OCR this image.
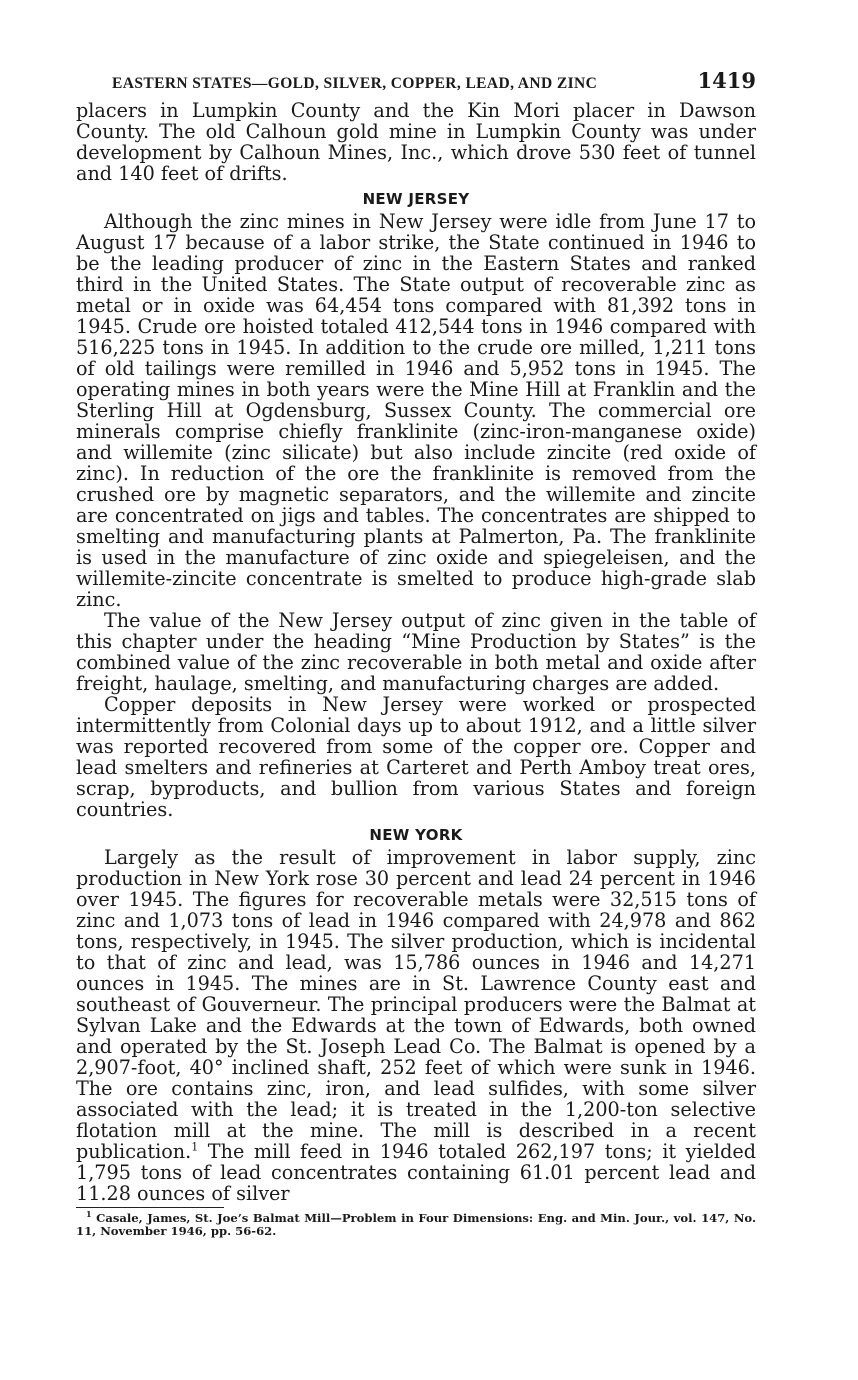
EASTERN STATES—GOLD, SILVER, COPPER, LEAD, AND ZINC	1419

placers in Lumpkin County and the Kin Mori placer in Dawson County. The old Calhoun gold mine in Lumpkin County was under development by Calhoun Mines, Inc., which drove 530 feet of tunnel and 140 feet of drifts.

NEW JERSEY

Although the zinc mines in New Jersey were idle from June 17 to August 17 because of a labor strike, the State continued in 1946 to be the leading producer of zinc in the Eastern States and ranked third in the United States. The State output of recoverable zinc as metal or in oxide was 64,454 tons compared with 81,392 tons in 1945. Crude ore hoisted totaled 412,544 tons in 1946 compared with 516,225 tons in 1945. In addition to the crude ore milled, 1,211 tons of old tailings were remilled in 1946 and 5,952 tons in 1945. The operating mines in both years were the Mine Hill at Franklin and the Sterling Hill at Ogdensburg, Sussex County. The commercial ore minerals comprise chiefly franklinite (zinc-iron-manganese oxide) and willemite (zinc silicate) but also include zincite (red oxide of zinc). In reduction of the ore the franklinite is removed from the crushed ore by magnetic separators, and the willemite and zincite are concentrated on jigs and tables. The concentrates are shipped to smelting and manufacturing plants at Palmerton, Pa. The franklinite is used in the manufacture of zinc oxide and spiegeleisen, and the willemite-zincite concentrate is smelted to produce high-grade slab zinc.

The value of the New Jersey output of zinc given in the table of this chapter under the heading “Mine Production by States” is the combined value of the zinc recoverable in both metal and oxide after freight, haulage, smelting, and manufacturing charges are added.

Copper deposits in New Jersey were worked or prospected intermittently from Colonial days up to about 1912, and a little silver was reported recovered from some of the copper ore. Copper and lead smelters and refineries at Carteret and Perth Amboy treat ores, scrap, byproducts, and bullion from various States and foreign countries.

NEW YORK

Largely as the result of improvement in labor supply, zinc production in New York rose 30 percent and lead 24 percent in 1946 over 1945. The figures for recoverable metals were 32,515 tons of zinc and 1,073 tons of lead in 1946 compared with 24,978 and 862 tons, respectively, in 1945. The silver production, which is incidental to that of zinc and lead, was 15,786 ounces in 1946 and 14,271 ounces in 1945. The mines are in St. Lawrence County east and southeast of Gouverneur. The principal producers were the Balmat at Sylvan Lake and the Edwards at the town of Edwards, both owned and operated by the St. Joseph Lead Co. The Balmat is opened by a 2,907-foot, 40° inclined shaft, 252 feet of which were sunk in 1946. The ore contains zinc, iron, and lead sulfides, with some silver associated with the lead; it is treated in the 1,200-ton selective flotation mill at the mine. The mill is described in a recent publication.$^1$ The mill feed in 1946 totaled 262,197 tons; it yielded 1,795 tons of lead concentrates containing 61.01 percent lead and 11.28 ounces of silver

$^1$ Casale, James, St. Joe’s Balmat Mill—Problem in Four Dimensions: Eng. and Min. Jour., vol. 147, No. 11, November 1946, pp. 56-62.
